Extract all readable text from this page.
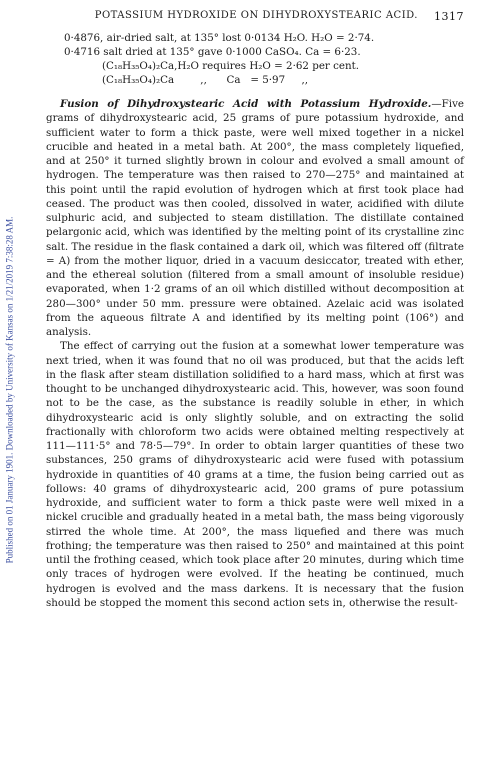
Published on 01 January 1901. Downloaded by University of Kansas on 1/21/2019 7:38:28 AM.
POTASSIUM HYDROXIDE ON DIHYDROXYSTEARIC ACID. 1317
0·4876, air-dried salt, at 135° lost 0·0134 H₂O. H₂O = 2·74.
0·4716 salt dried at 135° gave 0·1000 CaSO₄. Ca = 6·23.
(C₁₈H₃₅O₄)₂Ca,H₂O requires H₂O = 2·62 per cent.
(C₁₈H₃₅O₄)₂Ca        ,,      Ca   = 5·97     ,,

Fusion of Dihydroxystearic Acid with Potassium Hydroxide.—Five grams of dihydroxystearic acid, 25 grams of pure potassium hydroxide, and sufficient water to form a thick paste, were well mixed together in a nickel crucible and heated in a metal bath. At 200°, the mass completely liquefied, and at 250° it turned slightly brown in colour and evolved a small amount of hydrogen. The temperature was then raised to 270—275° and maintained at this point until the rapid evolution of hydrogen which at first took place had ceased. The product was then cooled, dissolved in water, acidified with dilute sulphuric acid, and subjected to steam distillation. The distillate contained pelargonic acid, which was identified by the melting point of its crystalline zinc salt. The residue in the flask contained a dark oil, which was filtered off (filtrate = A) from the mother liquor, dried in a vacuum desiccator, treated with ether, and the ethereal solution (filtered from a small amount of insoluble residue) evaporated, when 1·2 grams of an oil which distilled without decomposition at 280—300° under 50 mm. pressure were obtained. Azelaic acid was isolated from the aqueous filtrate A and identified by its melting point (106°) and analysis.

The effect of carrying out the fusion at a somewhat lower temperature was next tried, when it was found that no oil was produced, but that the acids left in the flask after steam distillation solidified to a hard mass, which at first was thought to be unchanged dihydroxystearic acid. This, however, was soon found not to be the case, as the substance is readily soluble in ether, in which dihydroxystearic acid is only slightly soluble, and on extracting the solid fractionally with chloroform two acids were obtained melting respectively at 111—111·5° and 78·5—79°. In order to obtain larger quantities of these two substances, 250 grams of dihydroxystearic acid were fused with potassium hydroxide in quantities of 40 grams at a time, the fusion being carried out as follows: 40 grams of dihydroxystearic acid, 200 grams of pure potassium hydroxide, and sufficient water to form a thick paste were well mixed in a nickel crucible and gradually heated in a metal bath, the mass being vigorously stirred the whole time. At 200°, the mass liquefied and there was much frothing; the temperature was then raised to 250° and maintained at this point until the frothing ceased, which took place after 20 minutes, during which time only traces of hydrogen were evolved. If the heating be continued, much hydrogen is evolved and the mass darkens. It is necessary that the fusion should be stopped the moment this second action sets in, otherwise the result-
